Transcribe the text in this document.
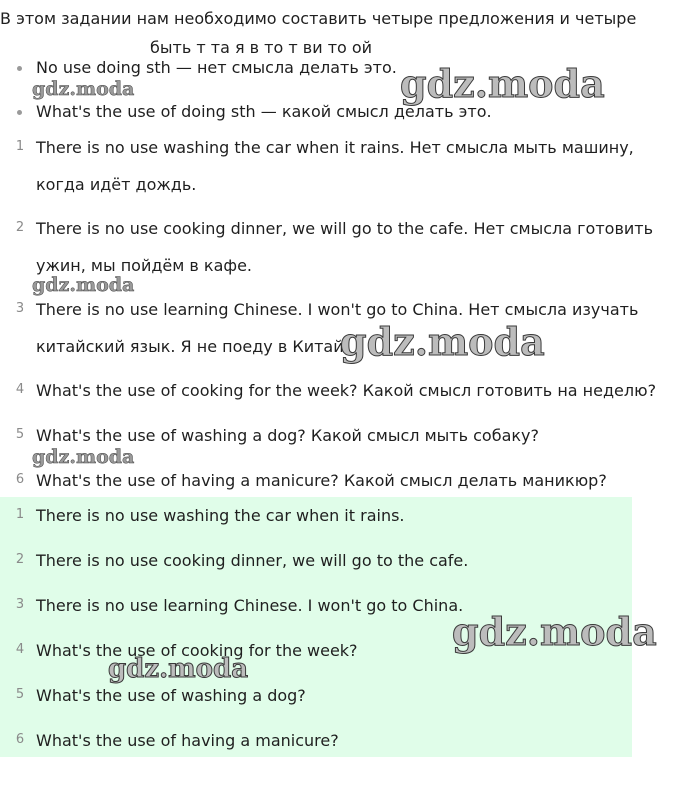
В этом задании нам необходимо составить четыре предложения и четыре
быть т та я в то т ви то ой
No use doing sth — нет смысла делать это.
What's the use of doing sth — какой смысл делать это.
1 There is no use washing the car when it rains. Нет смысла мыть машину, когда идёт дождь.
2 There is no use cooking dinner, we will go to the cafe. Нет смысла готовить ужин, мы пойдём в кафе.
3 There is no use learning Chinese. I won't go to China. Нет смысла изучать китайский язык. Я не поеду в Китай.
4 What's the use of cooking for the week? Какой смысл готовить на неделю?
5 What's the use of washing a dog? Какой смысл мыть собаку?
6 What's the use of having a manicure? Какой смысл делать маникюр?
1 There is no use washing the car when it rains.
2 There is no use cooking dinner, we will go to the cafe.
3 There is no use learning Chinese. I won't go to China.
4 What's the use of cooking for the week?
5 What's the use of washing a dog?
6 What's the use of having a manicure?
gdz.moda	gdz.moda
gdz.moda
gdz.moda
gdz.moda
gdz.moda
gdz.moda
